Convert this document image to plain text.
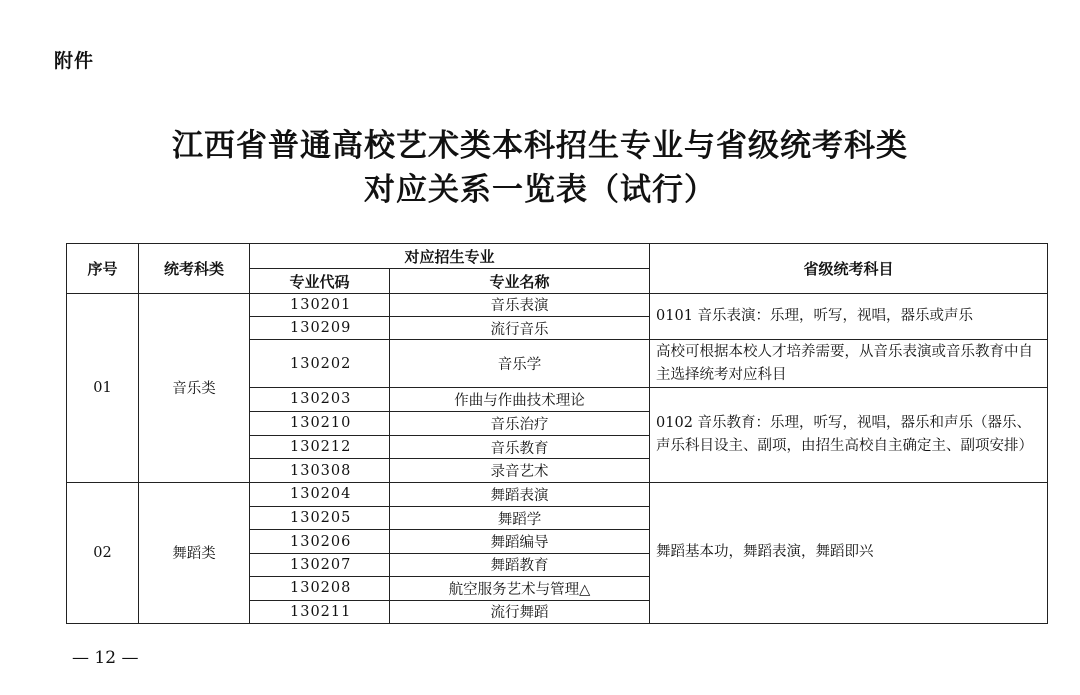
附件
江西省普通高校艺术类本科招生专业与省级统考科类
对应关系一览表（试行）
序号	统考科类	对应招生专业		省级统考科目
		专业代码	专业名称	
01	音乐类	130201	音乐表演	0101 音乐表演：乐理，听写，视唱，器乐或声乐
		130209	流行音乐	
		130202	音乐学	高校可根据本校人才培养需要，从音乐表演或音乐教育中自主选择统考对应科目
		130203	作曲与作曲技术理论	0102 音乐教育：乐理，听写，视唱，器乐和声乐（器乐、声乐科目设主、副项，由招生高校自主确定主、副项安排）
		130210	音乐治疗	
		130212	音乐教育	
		130308	录音艺术	
02	舞蹈类	130204	舞蹈表演	舞蹈基本功，舞蹈表演，舞蹈即兴
		130205	舞蹈学	
		130206	舞蹈编导	
		130207	舞蹈教育	
		130208	航空服务艺术与管理△	
		130211	流行舞蹈	
— 12 —
